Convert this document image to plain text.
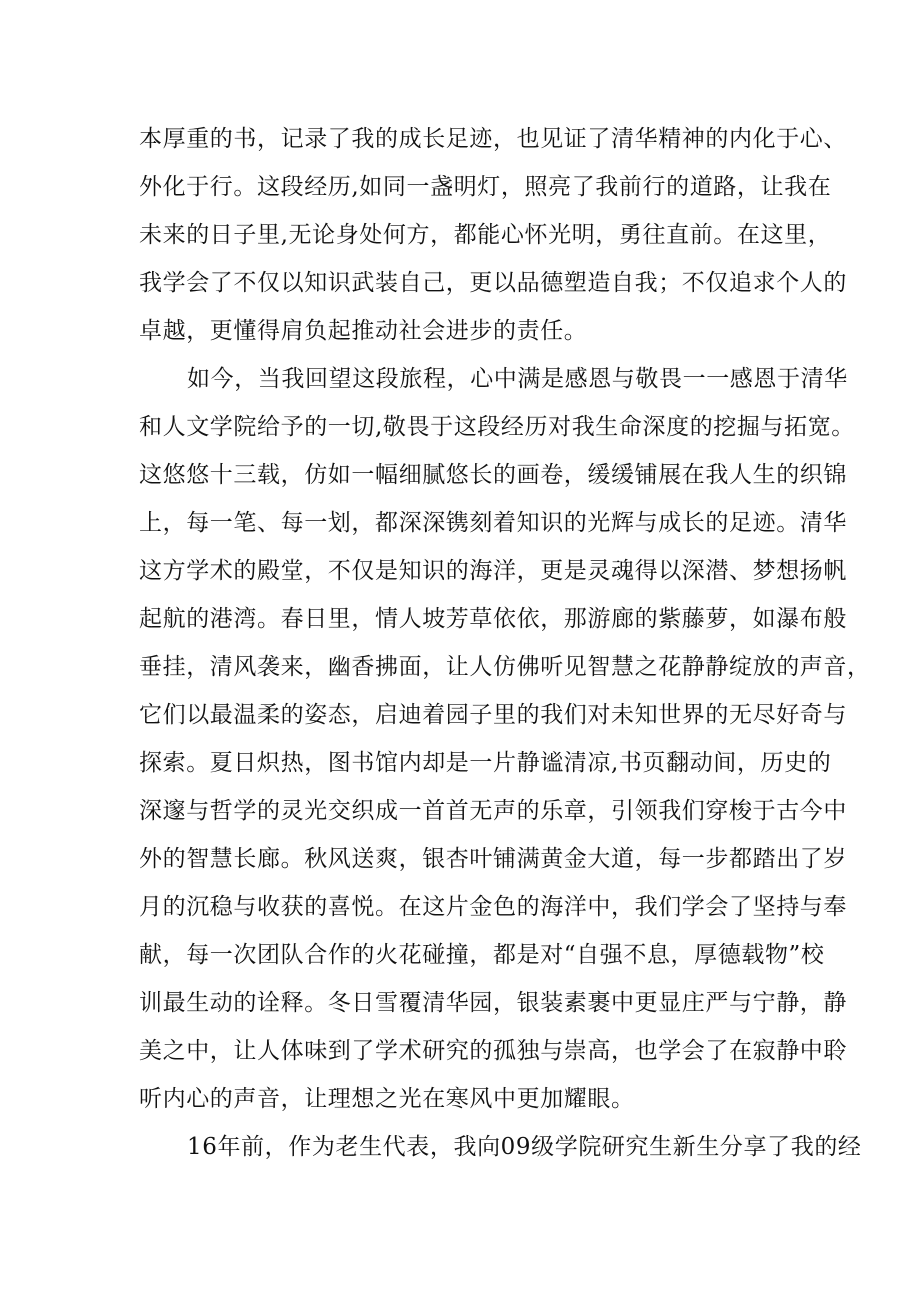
本厚重的书，记录了我的成长足迹，也见证了清华精神的内化于心、
外化于行。这段经历,如同一盏明灯，照亮了我前行的道路，让我在
未来的日子里,无论身处何方，都能心怀光明，勇往直前。在这里，
我学会了不仅以知识武装自己，更以品德塑造自我；不仅追求个人的
卓越，更懂得肩负起推动社会进步的责任。
如今，当我回望这段旅程，心中满是感恩与敬畏一一感恩于清华
和人文学院给予的一切,敬畏于这段经历对我生命深度的挖掘与拓宽。
这悠悠十三载，仿如一幅细腻悠长的画卷，缓缓铺展在我人生的织锦
上，每一笔、每一划，都深深镌刻着知识的光辉与成长的足迹。清华
这方学术的殿堂，不仅是知识的海洋，更是灵魂得以深潜、梦想扬帆
起航的港湾。春日里，情人坡芳草依依，那游廊的紫藤萝，如瀑布般
垂挂，清风袭来，幽香拂面，让人仿佛听见智慧之花静静绽放的声音，
它们以最温柔的姿态，启迪着园子里的我们对未知世界的无尽好奇与
探索。夏日炽热，图书馆内却是一片静谧清凉,书页翻动间，历史的
深邃与哲学的灵光交织成一首首无声的乐章，引领我们穿梭于古今中
外的智慧长廊。秋风送爽，银杏叶铺满黄金大道，每一步都踏出了岁
月的沉稳与收获的喜悦。在这片金色的海洋中，我们学会了坚持与奉
献，每一次团队合作的火花碰撞，都是对“自强不息，厚德载物”校
训最生动的诠释。冬日雪覆清华园，银装素裹中更显庄严与宁静，静
美之中，让人体味到了学术研究的孤独与崇高，也学会了在寂静中聆
听内心的声音，让理想之光在寒风中更加耀眼。
16年前，作为老生代表，我向09级学院研究生新生分享了我的经
